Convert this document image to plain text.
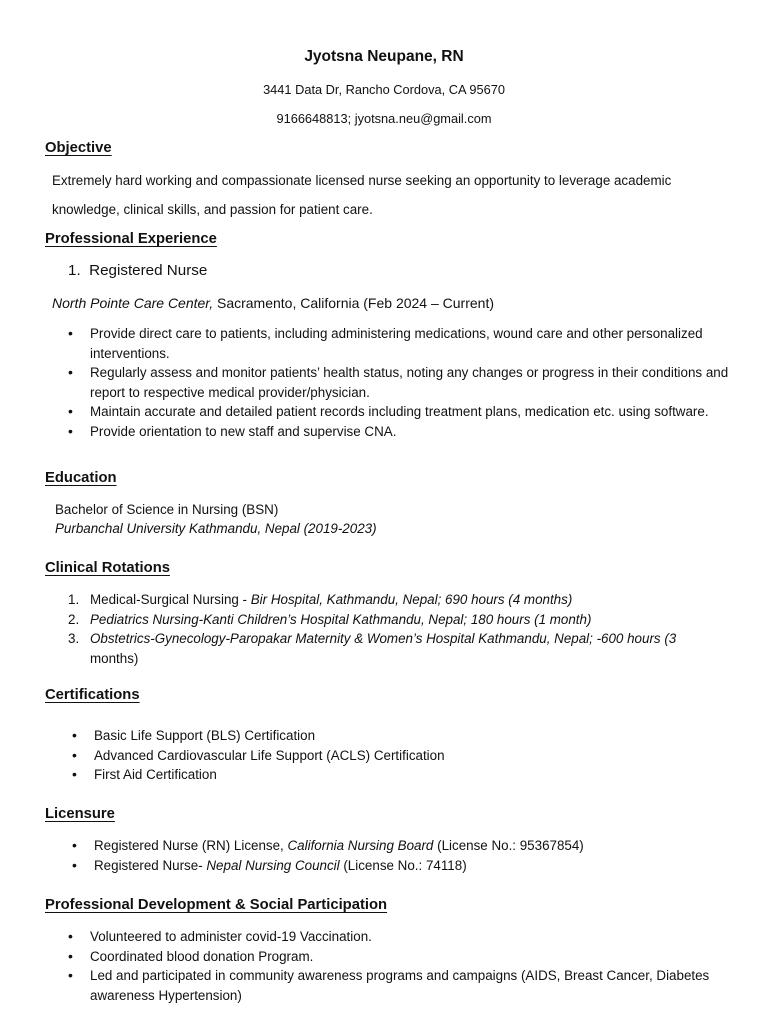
Jyotsna Neupane, RN
3441 Data Dr, Rancho Cordova, CA 95670
9166648813; jyotsna.neu@gmail.com
Objective
Extremely hard working and compassionate licensed nurse seeking an opportunity to leverage academic knowledge, clinical skills, and passion for patient care.
Professional Experience
1. Registered Nurse
North Pointe Care Center, Sacramento, California (Feb 2024 – Current)
• Provide direct care to patients, including administering medications, wound care and other personalized interventions.
• Regularly assess and monitor patients’ health status, noting any changes or progress in their conditions and report to respective medical provider/physician.
• Maintain accurate and detailed patient records including treatment plans, medication etc. using software.
• Provide orientation to new staff and supervise CNA.
Education
Bachelor of Science in Nursing (BSN)
Purbanchal University Kathmandu, Nepal (2019-2023)
Clinical Rotations
1. Medical-Surgical Nursing - Bir Hospital, Kathmandu, Nepal; 690 hours (4 months)
2. Pediatrics Nursing-Kanti Children’s Hospital Kathmandu, Nepal; 180 hours (1 month)
3. Obstetrics-Gynecology-Paropakar Maternity & Women’s Hospital Kathmandu, Nepal; -600 hours (3
months)
Certifications
• Basic Life Support (BLS) Certification
• Advanced Cardiovascular Life Support (ACLS) Certification
• First Aid Certification
Licensure
• Registered Nurse (RN) License, California Nursing Board (License No.: 95367854)
• Registered Nurse- Nepal Nursing Council (License No.: 74118)
Professional Development & Social Participation
• Volunteered to administer covid-19 Vaccination.
• Coordinated blood donation Program.
• Led and participated in community awareness programs and campaigns (AIDS, Breast Cancer, Diabetes awareness Hypertension)
